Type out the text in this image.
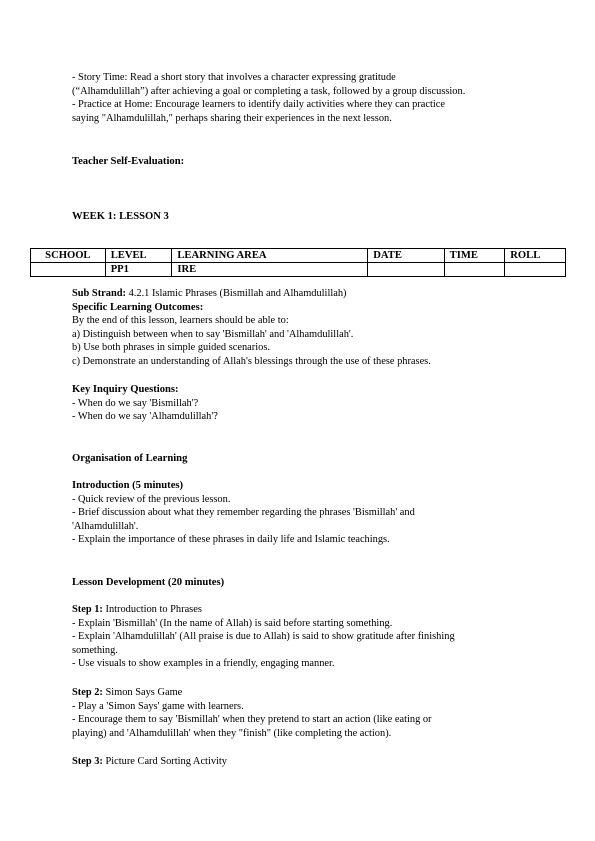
- Story Time: Read a short story that involves a character expressing gratitude
(“Alhamdulillah”) after achieving a goal or completing a task, followed by a group discussion.
- Practice at Home: Encourage learners to identify daily activities where they can practice
saying "Alhamdulillah," perhaps sharing their experiences in the next lesson.
Teacher Self-Evaluation:
WEEK 1: LESSON 3
SCHOOL	LEVEL	LEARNING AREA	DATE	TIME	ROLL
	PP1	IRE			
Sub Strand: 4.2.1 Islamic Phrases (Bismillah and Alhamdulillah)
Specific Learning Outcomes:
By the end of this lesson, learners should be able to:
a) Distinguish between when to say 'Bismillah' and 'Alhamdulillah'.
b) Use both phrases in simple guided scenarios.
c) Demonstrate an understanding of Allah's blessings through the use of these phrases.
Key Inquiry Questions:
- When do we say 'Bismillah'?
- When do we say 'Alhamdulillah'?
Organisation of Learning
Introduction (5 minutes)
- Quick review of the previous lesson.
- Brief discussion about what they remember regarding the phrases 'Bismillah' and
'Alhamdulillah'.
- Explain the importance of these phrases in daily life and Islamic teachings.
Lesson Development (20 minutes)
Step 1: Introduction to Phrases
- Explain 'Bismillah' (In the name of Allah) is said before starting something.
- Explain 'Alhamdulillah' (All praise is due to Allah) is said to show gratitude after finishing
something.
- Use visuals to show examples in a friendly, engaging manner.
Step 2: Simon Says Game
- Play a 'Simon Says' game with learners.
- Encourage them to say 'Bismillah' when they pretend to start an action (like eating or
playing) and 'Alhamdulillah' when they "finish" (like completing the action).
Step 3: Picture Card Sorting Activity
